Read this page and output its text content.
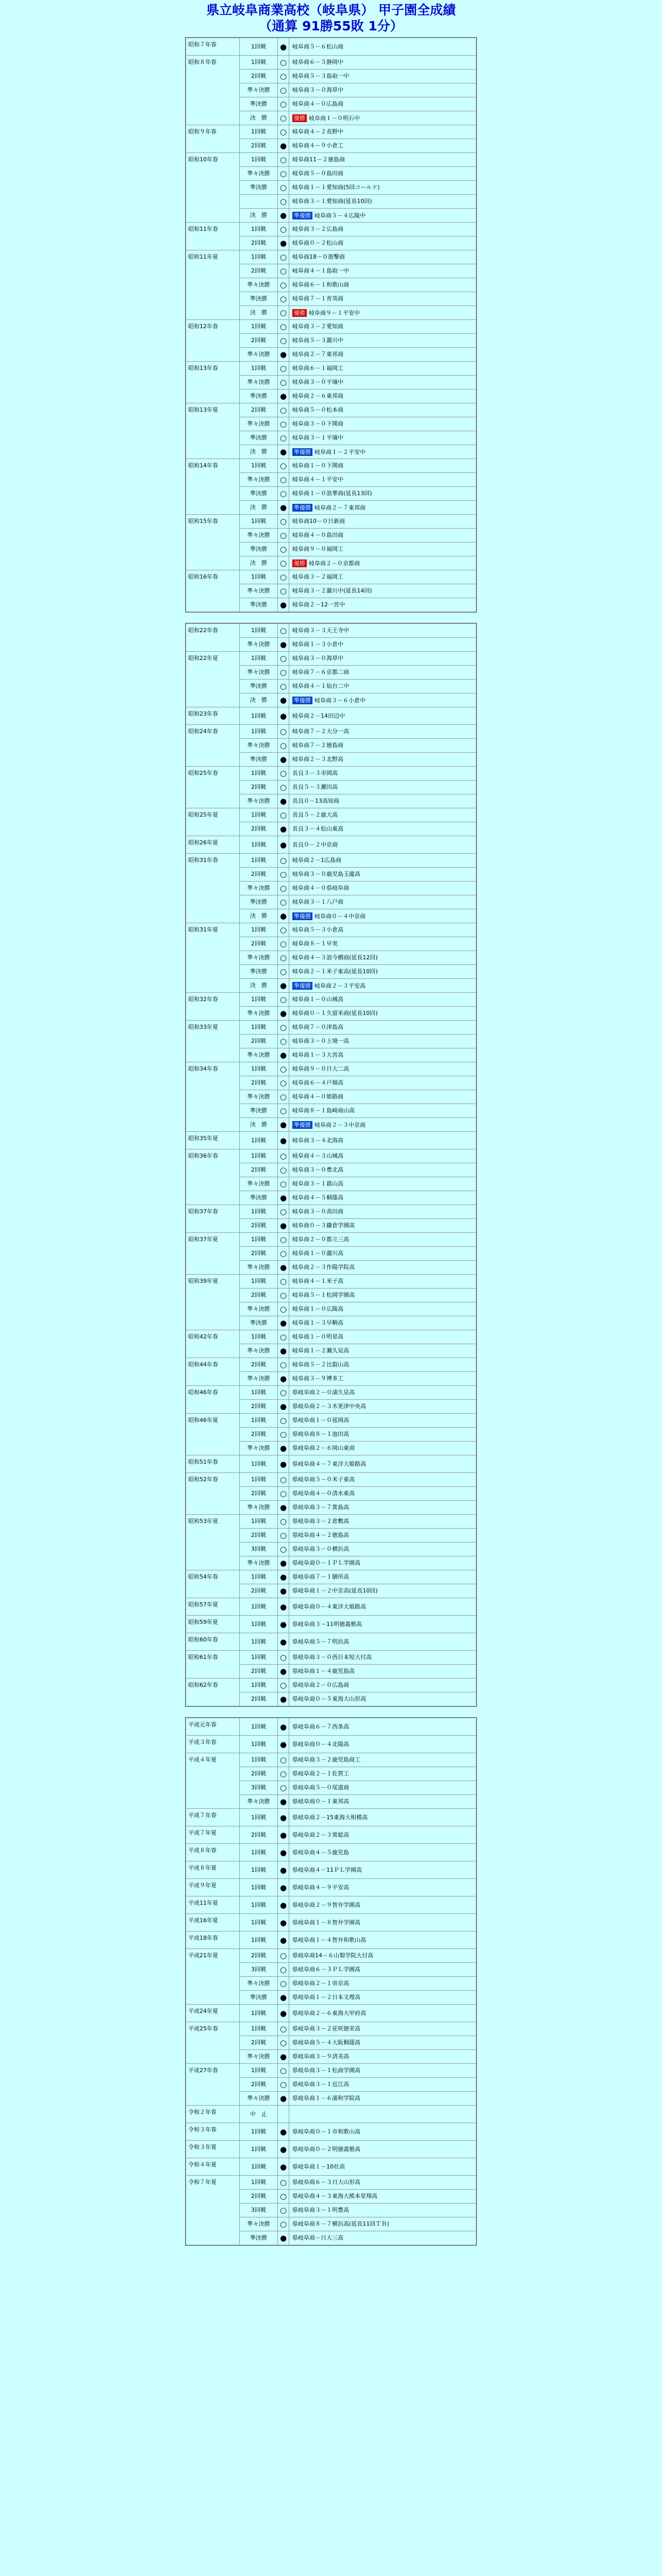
県立岐阜商業高校（岐阜県） 甲子園全成績
（通算 91勝55敗 1分）
昭和７年春	1回戦	●	岐阜商５－６松山商
昭和８年春	1回戦	○	岐阜商６－５静岡中
	2回戦	○	岐阜商５－３島取一中
	準々決勝	○	岐阜商３－０海草中
	準決勝	○	岐阜商４－０広島商
	決　勝	○	優勝 岐阜商１－０明石中
昭和９年春	1回戦	○	岐阜商４－２長野中
	2回戦	●	岐阜商４－９小倉工
昭和10年春	1回戦	○	岐阜商11－２徳島商
	準々決勝	○	岐阜商５－０島田商
	準決勝	○	岐阜商１－１愛知商(5回コールド)
		○	岐阜商３－１愛知商(延長10回)
	決　勝	●	準優勝 岐阜商５－４広陵中
昭和11年春	1回戦	○	岐阜商３－２広島商
	2回戦	●	岐阜商０－２松山商
昭和11年夏	1回戦	○	岐阜商18－０遊撃商
	2回戦	○	岐阜商４－１島取一中
	準々決勝	○	岐阜商６－１和歌山商
	準決勝	○	岐阜商７－１育英商
	決　勝	○	優勝 岐阜商９－１平安中
昭和12年春	1回戦	○	岐阜商３－２愛知商
	2回戦	○	岐阜商５－３瀧川中
	準々決勝	●	岐阜商２－７東邦商
昭和13年春	1回戦	○	岐阜商６－１福岡工
	準々決勝	○	岐阜商３－０平壌中
	準決勝	●	岐阜商２－６東邦商
昭和13年夏	2回戦	○	岐阜商５－０松本商
	準々決勝	○	岐阜商３－０下関商
	準決勝	○	岐阜商３－１平壌中
	決　勝	●	準優勝 岐阜商１－２平安中
昭和14年春	1回戦	○	岐阜商１－０下関商
	準々決勝	○	岐阜商４－１平安中
	準決勝	○	岐阜商１－０浪華商(延長13回)
	決　勝	●	準優勝 岐阜商２－７東邦商
昭和15年春	1回戦	○	岐阜商10－０日新商
	準々決勝	○	岐阜商４－０島田商
	準決勝	○	岐阜商９－０福岡工
	決　勝	○	優勝 岐阜商２－０京都商
昭和16年春	1回戦	○	岐阜商３－２福岡工
	準々決勝	○	岐阜商３－２瀧川中(延長14回)
	準決勝	●	岐阜商２－12一宮中
昭和22年春	1回戦	○	岐阜商３－３天王寺中
	準々決勝	●	岐阜商１－３小倉中
昭和22年夏	1回戦	○	岐阜商３－０海草中
	準々決勝	○	岐阜商７－６京都二商
	準決勝	○	岐阜商４－１仙台二中
	決　勝	●	準優勝 岐阜商３－６小倉中
昭和23年春	1回戦	●	岐阜商２－14田辺中
昭和24年春	1回戦	○	岐阜商７－２大分一高
	準々決勝	○	岐阜商７－２徳島商
	準決勝	●	岐阜商２－３北野高
昭和25年春	1回戦	○	長良３－３市岡高
	2回戦	○	長良５－３瀬田高
	準々決勝	●	長良０－13高知商
昭和25年夏	1回戦	○	長良５－２鹿大高
	2回戦	●	長良３－４松山東高
昭和26年夏	1回戦	●	長良０－２中京商
昭和31年春	1回戦	○	岐阜商２－1広島商
	2回戦	○	岐阜商３－０鹿児島玉龍高
	準々決勝	○	岐阜商４－０県岐阜商
	準決勝	○	岐阜商３－１八戸商
	決　勝	●	準優勝 岐阜商０－４中京商
昭和31年夏	1回戦	○	岐阜商５－３小倉高
	2回戦	○	岐阜商８－１早実
	準々決勝	○	岐阜商４－３浪今橋商(延長12回)
	準決勝	○	岐阜商２－１米子東高(延長10回)
	決　勝	●	準優勝 岐阜商２－３平安高
昭和32年春	1回戦	○	岐阜商１－０山城高
	準々決勝	●	岐阜商０－１久留米商(延長10回)
昭和33年夏	1回戦	○	岐阜商７－０津島高
	2回戦	○	岐阜商３－０上境一高
	準々決勝	●	岐阜商１－３大宮高
昭和34年春	1回戦	○	岐阜商９－０日大二高
	2回戦	○	岐阜商６－４戸畑高
	準々決勝	○	岐阜商４－０姫路商
	準決勝	○	岐阜商８－１島崎商山高
	決　勝	●	準優勝 岐阜商２－３中京商
昭和35年夏	1回戦	●	岐阜商３－４北海高
昭和36年春	1回戦	○	岐阜商４－３山城高
	2回戦	○	岐阜商３－０豊北高
	準々決勝	○	岐阜商３－１郡山高
	準決勝	●	岐阜商４－５桐蔭高
昭和37年春	1回戦	○	岐阜商３－０高田商
	2回戦	●	岐阜商０－３鎌倉学園高
昭和37年夏	1回戦	○	岐阜商２－０都立三高
	2回戦	○	岐阜商１－０瀧川高
	準々決勝	●	岐阜商２－３作陽学院高
昭和39年夏	1回戦	○	岐阜商４－１米子高
	2回戦	○	岐阜商５－１松岡学園高
	準々決勝	○	岐阜商１－０広陵高
	準決勝	●	岐阜商１－３早鞆高
昭和42年春	1回戦	○	岐阜商１－０明星高
	準々決勝	●	岐阜商１－２瀬久見高
昭和44年春	2回戦	○	岐阜商５－２比叡山高
	準々決勝	●	岐阜商３－９博多工
昭和46年春	1回戦	○	県岐阜商２－０浦久見高
	2回戦	●	県岐阜商２－３木更津中央高
昭和46年夏	1回戦	○	県岐阜商１－０延岡高
	2回戦	○	県岐阜商８－１池田高
	準々決勝	●	県岐阜商２－６岡山東商
昭和51年春	1回戦	●	県岐阜商４－７東洋大姫路高
昭和52年春	1回戦	○	県岐阜商５－０米子東高
	2回戦	○	県岐阜商４－０清水東高
	準々決勝	●	県岐阜商３－７箕島高
昭和53年夏	1回戦	○	県岐阜商３－２倉敷高
	2回戦	○	県岐阜商４－２徳島高
	3回戦	○	県岐阜商３－０横浜高
	準々決勝	●	県岐阜商０－１ＰＬ学園高
昭和54年春	1回戦	●	県岐阜商７－１膳所高
	2回戦	●	県岐阜商１－２中京高(延長10回)
昭和57年夏	1回戦	●	県岐阜商０－４東洋大姫路高
昭和59年夏	1回戦	●	県岐阜商３－11明徳義塾高
昭和60年春	1回戦	●	県岐阜商５－７明浜高
昭和61年春	1回戦	○	県岐阜商３－０西日本短大付高
	2回戦	●	県岐阜商１－４鹿児島高
昭和62年春	1回戦	○	県岐阜商２－０広島商
	2回戦	●	県岐阜商０－５東海大山形高
平成元年春	1回戦	●	県岐阜商６－７西条高
平成３年春	1回戦	●	県岐阜商０－４北陽高
平成４年夏	1回戦	○	県岐阜商３－２鹿児島商工
	2回戦	○	県岐阜商２－１佐賀工
	3回戦	○	県岐阜商５－０尾道商
	準々決勝	●	県岐阜商０－１東邦高
平成７年春	1回戦	●	県岐阜商２－15東海大相模高
平成７年夏	2回戦	●	県岐阜商２－３常総高
平成８年春	1回戦	●	県岐阜商４－５鹿児島
平成８年夏	1回戦	●	県岐阜商４－11ＰＬ学園高
平成９年夏	1回戦	●	県岐阜商４－９平安高
平成11年夏	1回戦	●	県岐阜商２－９智弁学園高
平成16年夏	1回戦	●	県岐阜商１－８智弁学園高
平成18年春	1回戦	●	県岐阜商１－４智弁和歌山高
平成21年夏	2回戦	○	県岐阜商14－６山梨学院大付高
	3回戦	○	県岐阜商６－３ＰＬ学園高
	準々決勝	○	県岐阜商２－１帝京高
	準決勝	●	県岐阜商１－２日本文理高
平成24年夏	1回戦	●	県岐阜商２－６東海大甲府高
平成25年春	1回戦	○	県岐阜商３－２花咲徳栄高
	2回戦	○	県岐阜商５－４大阪桐蔭高
	準々決勝	●	県岐阜商３－９済美高
平成27年春	1回戦	○	県岐阜商３－１松商学園高
	2回戦	○	県岐阜商３－１近江高
	準々決勝	●	県岐阜商１－６浦和学院高
令和２年春	中　止		
令和３年春	1回戦	●	県岐阜商０－１市和歌山高
令和３年夏	1回戦	●	県岐阜商０－２明徳義塾高
令和４年夏	1回戦	●	県岐阜商１－10社高
令和７年夏	1回戦	○	県岐阜商６－３日大山形高
	2回戦	○	県岐阜商４－３東海大熊本星翔高
	3回戦	○	県岐阜商３－１明豊高
	準々決勝	○	県岐阜商８－７横浜高(延長11回ＴＢ)
	準決勝	●	県岐阜商－日大三高
